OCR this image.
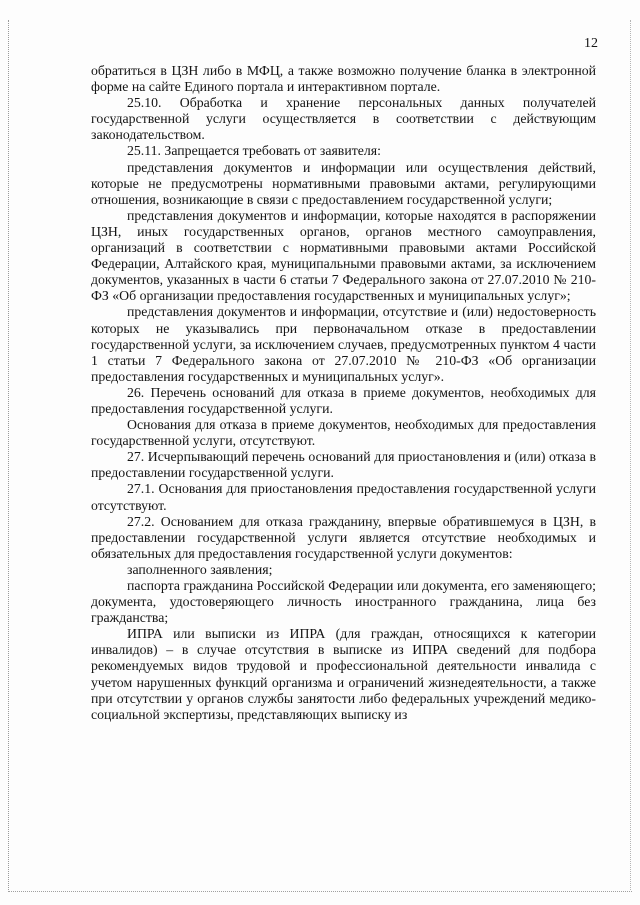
12

обратиться в ЦЗН либо в МФЦ, а также возможно получение бланка в электронной форме на сайте Единого портала и интерактивном портале.

25.10. Обработка и хранение персональных данных получателей государственной услуги осуществляется в соответствии с действующим законодательством.

25.11. Запрещается требовать от заявителя:

представления документов и информации или осуществления действий, которые не предусмотрены нормативными правовыми актами, регулирующими отношения, возникающие в связи с предоставлением государственной услуги;

представления документов и информации, которые находятся в распоряжении ЦЗН, иных государственных органов, органов местного самоуправления, организаций в соответствии с нормативными правовыми актами Российской Федерации, Алтайского края, муниципальными правовыми актами, за исключением документов, указанных в части 6 статьи 7 Федерального закона от 27.07.2010 № 210-ФЗ «Об организации предоставления государственных и муниципальных услуг»;

представления документов и информации, отсутствие и (или) недостоверность которых не указывались при первоначальном отказе в предоставлении государственной услуги, за исключением случаев, предусмотренных пунктом 4 части 1 статьи 7 Федерального закона от 27.07.2010 № 210-ФЗ «Об организации предоставления государственных и муниципальных услуг».

26. Перечень оснований для отказа в приеме документов, необходимых для предоставления государственной услуги.

Основания для отказа в приеме документов, необходимых для предоставления государственной услуги, отсутствуют.

27. Исчерпывающий перечень оснований для приостановления и (или) отказа в предоставлении государственной услуги.

27.1. Основания для приостановления предоставления государственной услуги отсутствуют.

27.2. Основанием для отказа гражданину, впервые обратившемуся в ЦЗН, в предоставлении государственной услуги является отсутствие необходимых и обязательных для предоставления государственной услуги документов:

заполненного заявления;

паспорта гражданина Российской Федерации или документа, его заменяющего; документа, удостоверяющего личность иностранного гражданина, лица без гражданства;

ИПРА или выписки из ИПРА (для граждан, относящихся к категории инвалидов) – в случае отсутствия в выписке из ИПРА сведений для подбора рекомендуемых видов трудовой и профессиональной деятельности инвалида с учетом нарушенных функций организма и ограничений жизнедеятельности, а также при отсутствии у органов службы занятости либо федеральных учреждений медико-социальной экспертизы, представляющих выписку из
